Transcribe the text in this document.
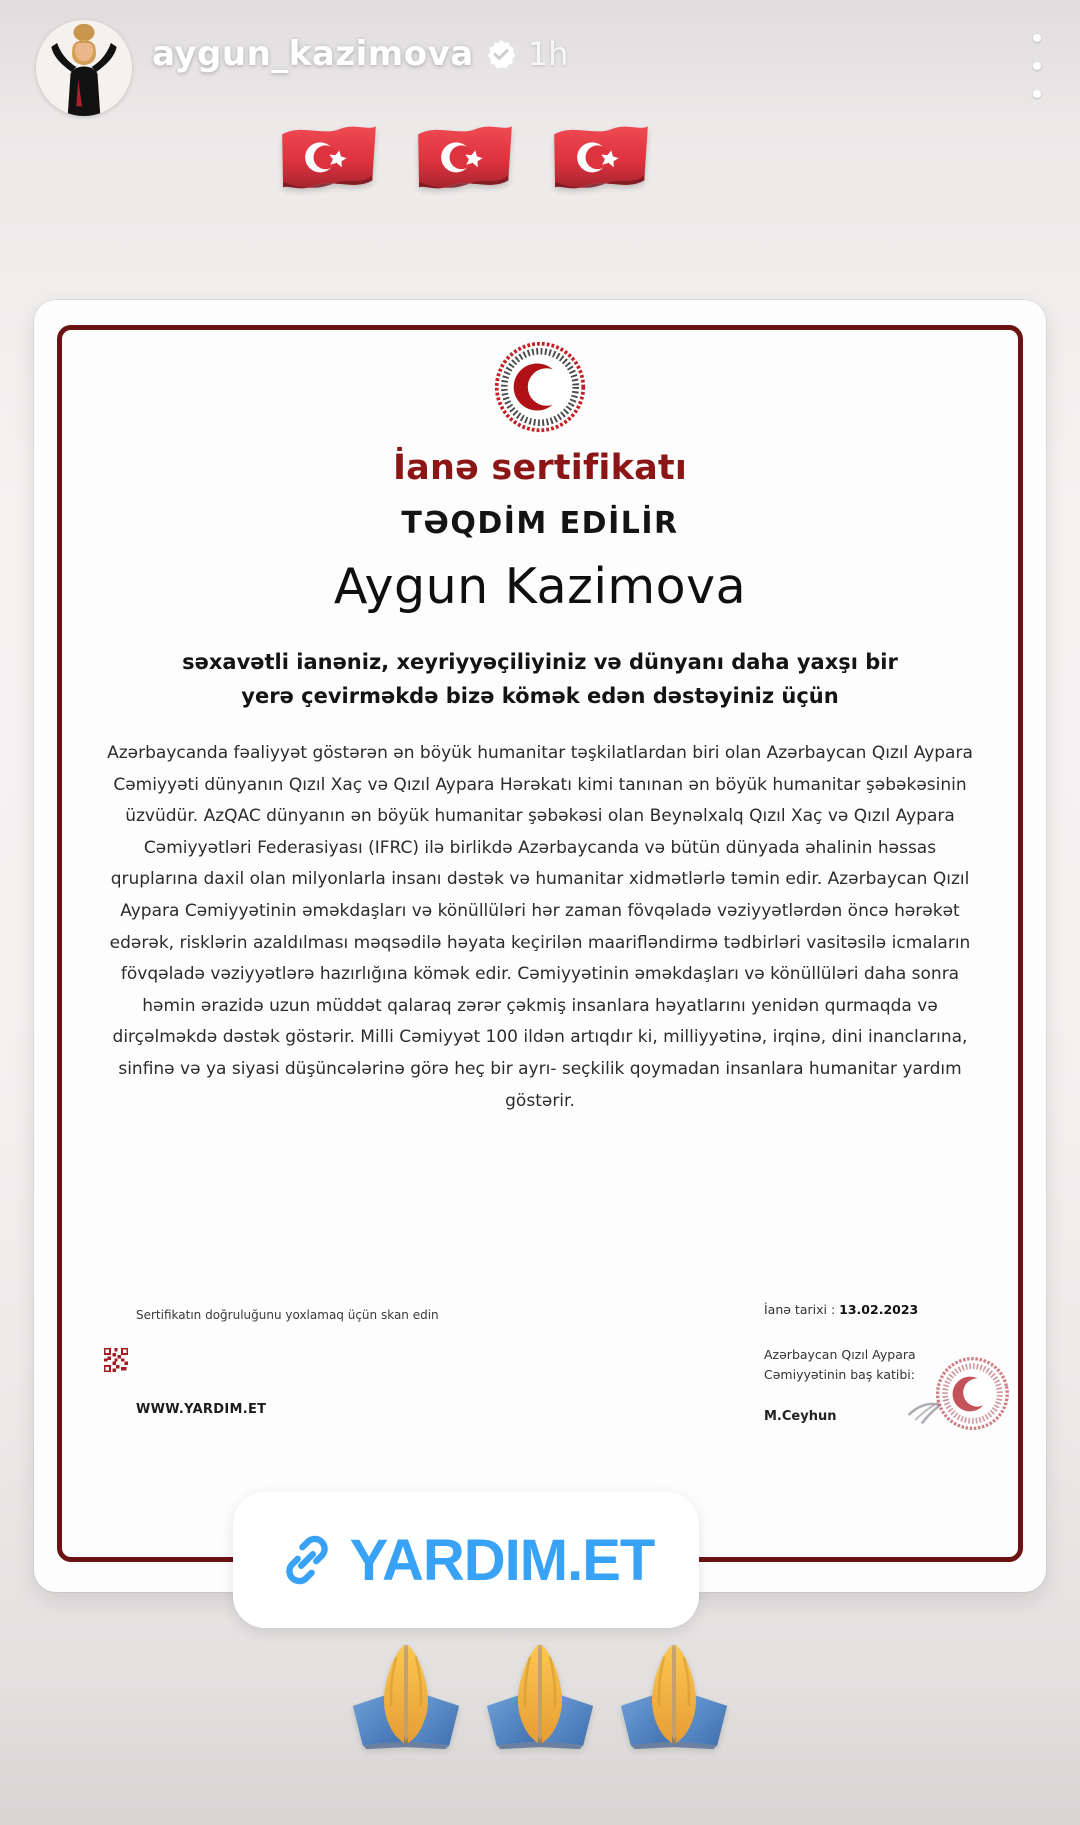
aygun_kazimova 1h
İanə sertifikatı
TƏQDİM EDİLİR
Aygun Kazimova
səxavətli ianəniz, xeyriyyəçiliyiniz və dünyanı daha yaxşı bir yerə çevirməkdə bizə kömək edən dəstəyiniz üçün
Azərbaycanda fəaliyyət göstərən ən böyük humanitar təşkilatlardan biri olan Azərbaycan Qızıl Aypara Cəmiyyəti dünyanın Qızıl Xaç və Qızıl Aypara Hərəkatı kimi tanınan ən böyük humanitar şəbəkəsinin üzvüdür. AzQAC dünyanın ən böyük humanitar şəbəkəsi olan Beynəlxalq Qızıl Xaç və Qızıl Aypara Cəmiyyətləri Federasiyası (IFRC) ilə birlikdə Azərbaycanda və bütün dünyada əhalinin həssas qruplarına daxil olan milyonlarla insanı dəstək və humanitar xidmətlərlə təmin edir. Azərbaycan Qızıl Aypara Cəmiyyətinin əməkdaşları və könüllüləri hər zaman fövqəladə vəziyyətlərdən öncə hərəkət edərək, risklərin azaldılması məqsədilə həyata keçirilən maarifləndirmə tədbirləri vasitəsilə icmaların fövqəladə vəziyyətlərə hazırlığına kömək edir. Cəmiyyətinin əməkdaşları və könüllüləri daha sonra həmin ərazidə uzun müddət qalaraq zərər çəkmiş insanlara həyatlarını yenidən qurmaqda və dirçəlməkdə dəstək göstərir. Milli Cəmiyyət 100 ildən artıqdır ki, milliyyətinə, irqinə, dini inanclarına, sinfinə və ya siyasi düşüncələrinə görə heç bir ayrı- seçkilik qoymadan insanlara humanitar yardım göstərir.
Sertifikatın doğruluğunu yoxlamaq üçün skan edin
WWW.YARDIM.ET
İanə tarixi : 13.02.2023
Azərbaycan Qızıl Aypara
Cəmiyyətinin baş katibi:
M.Ceyhun
YARDIM.ET
